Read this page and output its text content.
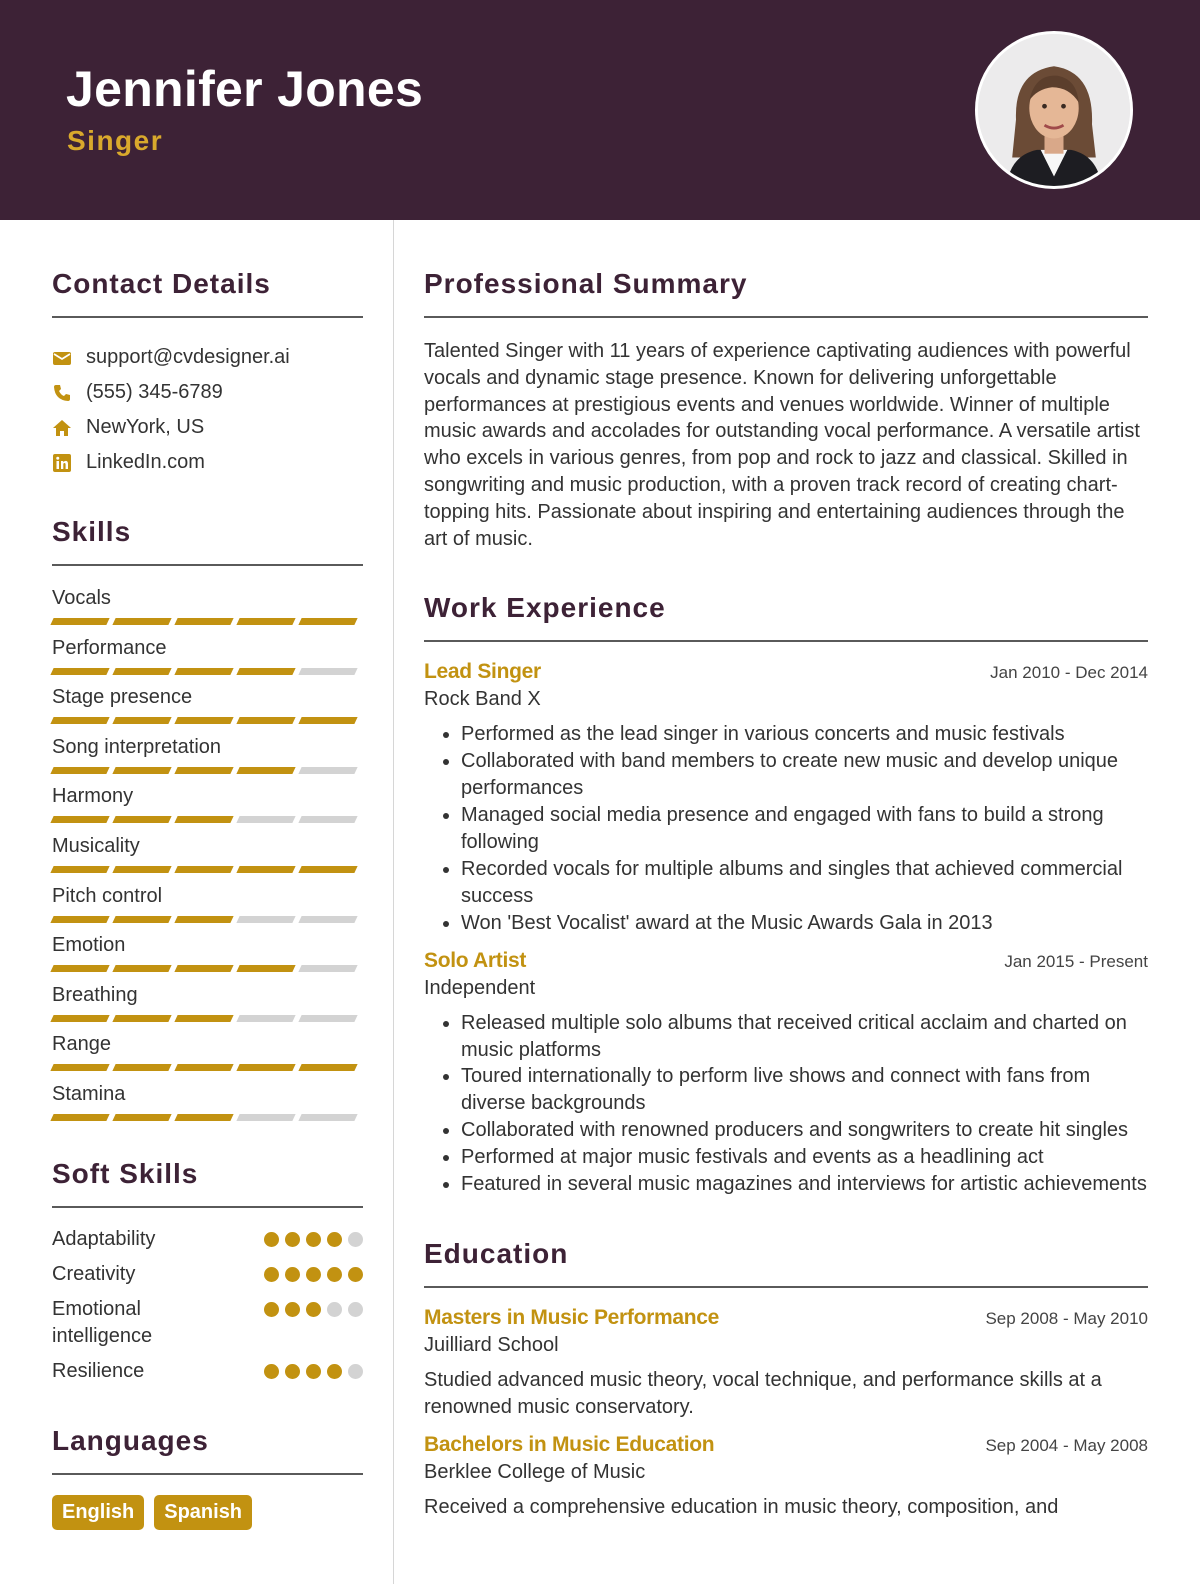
Jennifer Jones
Singer
Contact Details
support@cvdesigner.ai
(555) 345-6789
NewYork, US
LinkedIn.com
Skills
Vocals
Performance
Stage presence
Song interpretation
Harmony
Musicality
Pitch control
Emotion
Breathing
Range
Stamina
Soft Skills
Adaptability
Creativity
Emotional intelligence
Resilience
Languages
English	Spanish
Professional Summary

Talented Singer with 11 years of experience captivating audiences with powerful vocals and dynamic stage presence. Known for delivering unforgettable performances at prestigious events and venues worldwide. Winner of multiple music awards and accolades for outstanding vocal performance. A versatile artist who excels in various genres, from pop and rock to jazz and classical. Skilled in songwriting and music production, with a proven track record of creating chart-topping hits. Passionate about inspiring and entertaining audiences through the art of music.

Work Experience
Lead Singer	Jan 2010 - Dec 2014
Rock Band X
• Performed as the lead singer in various concerts and music festivals
• Collaborated with band members to create new music and develop unique performances
• Managed social media presence and engaged with fans to build a strong following
• Recorded vocals for multiple albums and singles that achieved commercial success
• Won 'Best Vocalist' award at the Music Awards Gala in 2013
Solo Artist	Jan 2015 - Present
Independent
• Released multiple solo albums that received critical acclaim and charted on music platforms
• Toured internationally to perform live shows and connect with fans from diverse backgrounds
• Collaborated with renowned producers and songwriters to create hit singles
• Performed at major music festivals and events as a headlining act
• Featured in several music magazines and interviews for artistic achievements
Education
Masters in Music Performance	Sep 2008 - May 2010
Juilliard School

Studied advanced music theory, vocal technique, and performance skills at a renowned music conservatory.

Bachelors in Music Education	Sep 2004 - May 2008
Berklee College of Music

Received a comprehensive education in music theory, composition, and
